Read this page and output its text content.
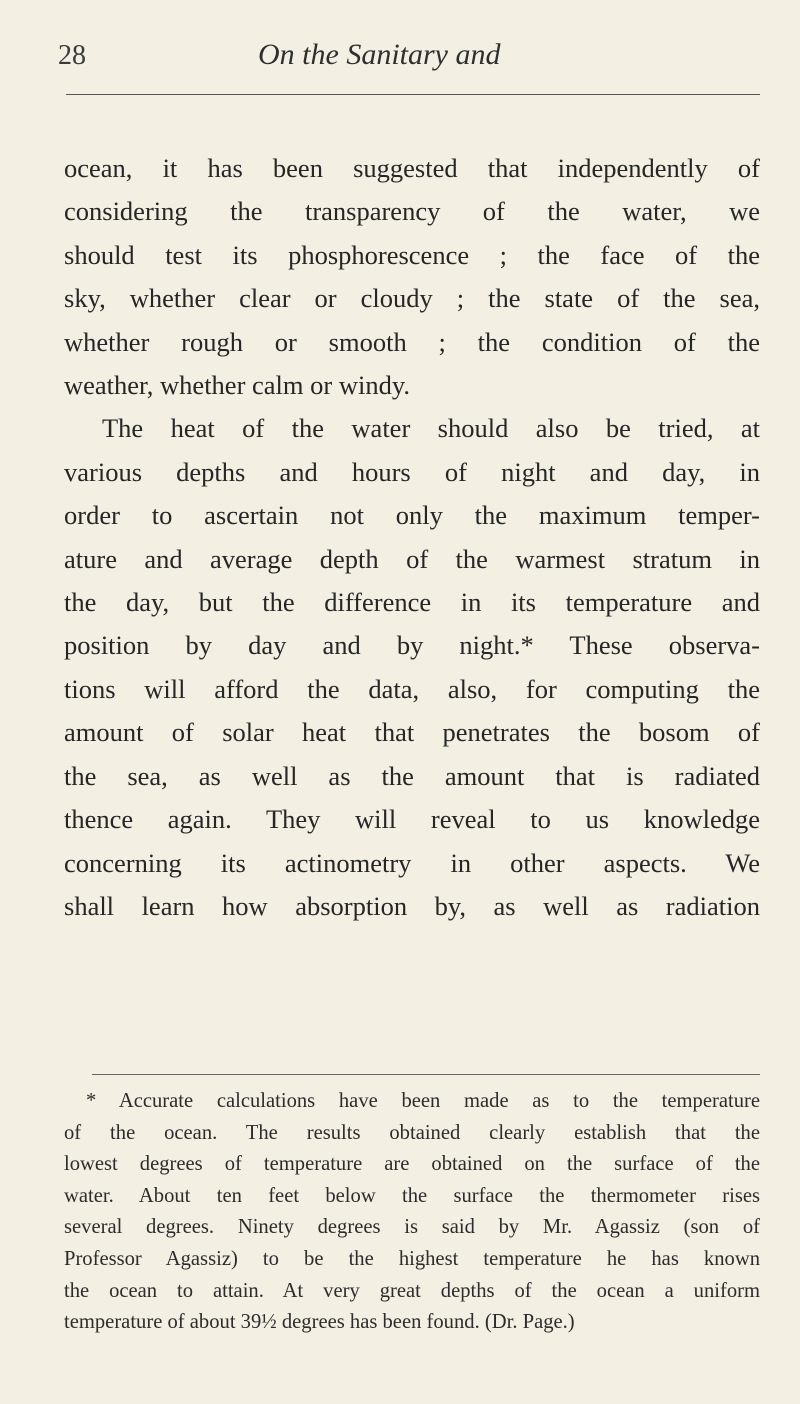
28	On the Sanitary and
ocean, it has been suggested that independently of
considering the transparency of the water, we
should test its phosphorescence ; the face of the
sky, whether clear or cloudy ; the state of the sea,
whether rough or smooth ; the condition of the
weather, whether calm or windy.
The heat of the water should also be tried, at
various depths and hours of night and day, in
order to ascertain not only the maximum temper-
ature and average depth of the warmest stratum in
the day, but the difference in its temperature and
position by day and by night.* These observa-
tions will afford the data, also, for computing the
amount of solar heat that penetrates the bosom of
the sea, as well as the amount that is radiated
thence again. They will reveal to us knowledge
concerning its actinometry in other aspects. We
shall learn how absorption by, as well as radiation
* Accurate calculations have been made as to the temperature
of the ocean. The results obtained clearly establish that the
lowest degrees of temperature are obtained on the surface of the
water. About ten feet below the surface the thermometer rises
several degrees. Ninety degrees is said by Mr. Agassiz (son of
Professor Agassiz) to be the highest temperature he has known
the ocean to attain. At very great depths of the ocean a uniform
temperature of about 39½ degrees has been found. (Dr. Page.)
